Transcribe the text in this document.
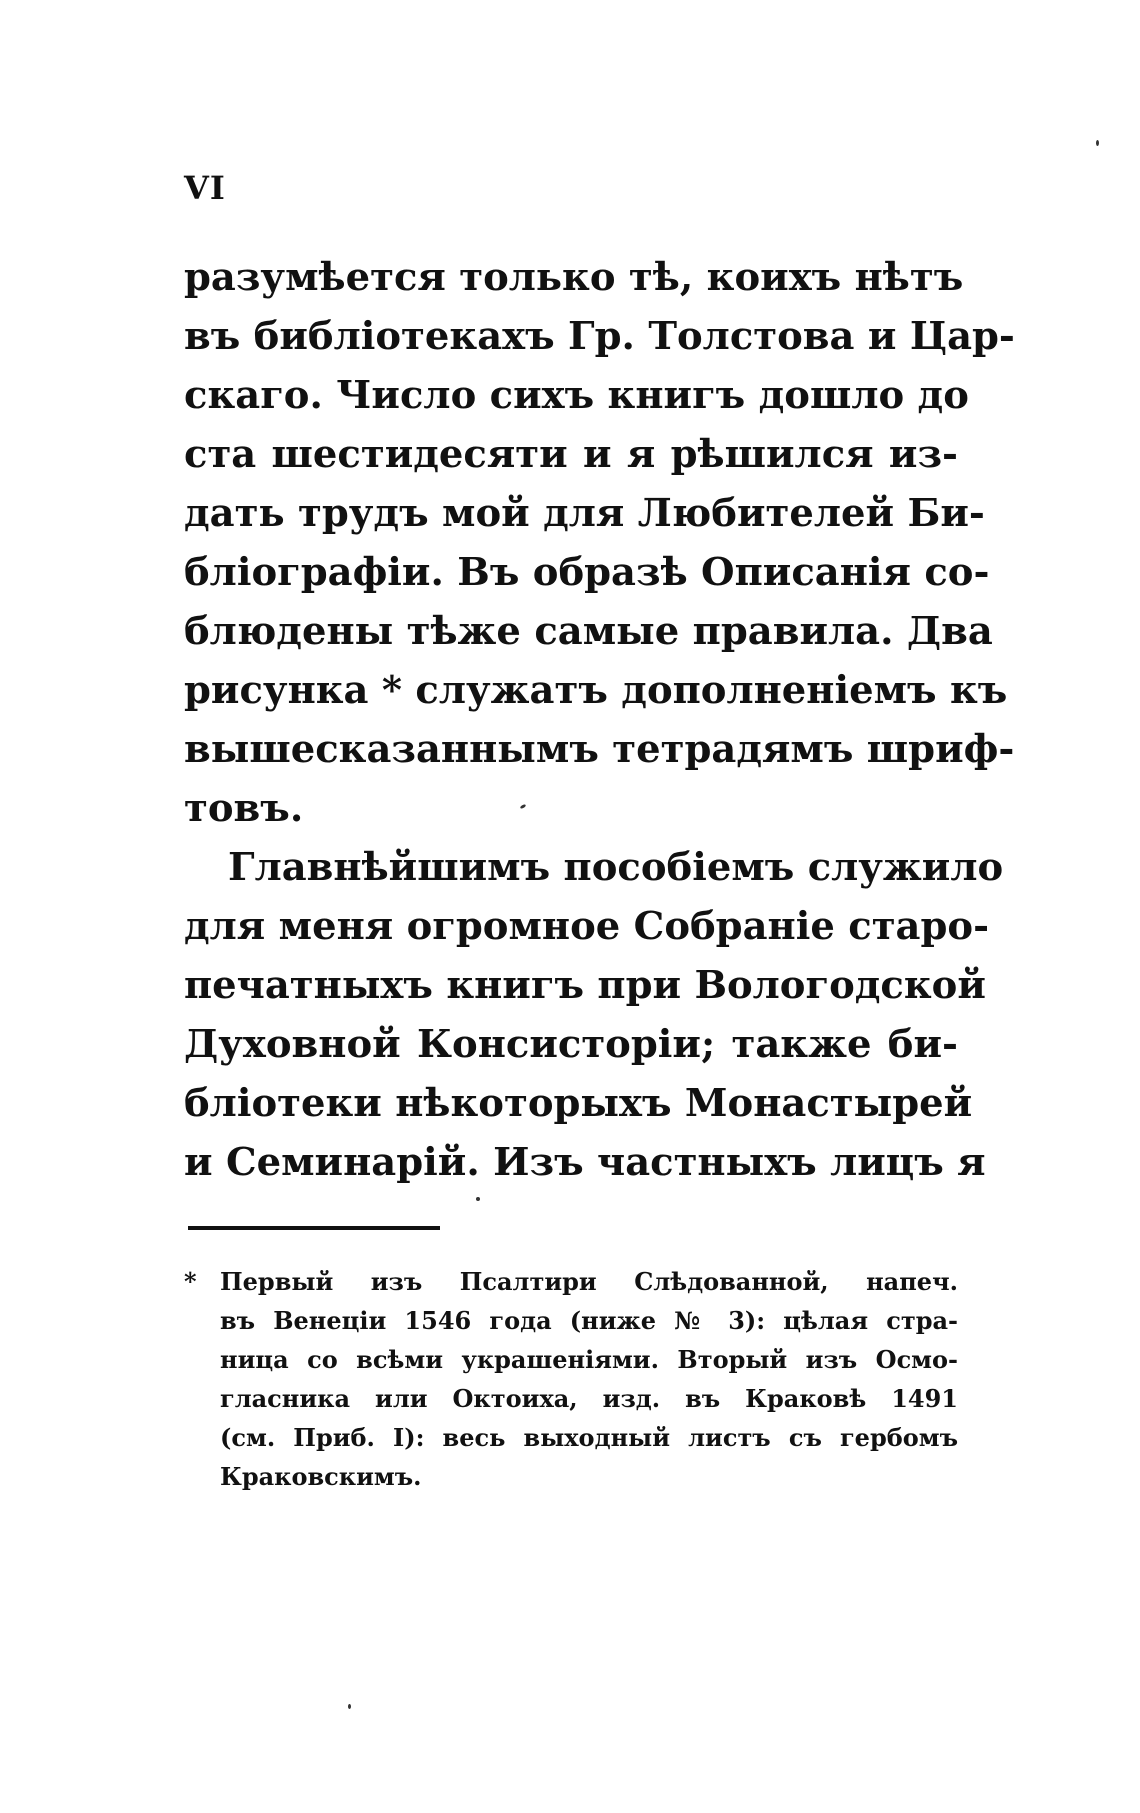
VI
разумѣется только тѣ, коихъ нѣтъ
въ библіотекахъ Гр. Толстова и Цар-
скаго. Число сихъ книгъ дошло до
ста шестидесяти и я рѣшился из-
дать трудъ мой для Любителей Би-
бліографіи. Въ образѣ Описанія со-
блюдены тѣже самые правила. Два
рисунка * служатъ дополненіемъ къ
вышесказаннымъ тетрадямъ шриф-
товъ.
Главнѣйшимъ пособіемъ служило
для меня огромное Собраніе старо-
печатныхъ книгъ при Вологодской
Духовной Консисторіи; также би-
бліотеки нѣкоторыхъ Монастырей
и Семинарій. Изъ частныхъ лицъ я
* Первый изъ Псалтири Слѣдованной, напеч.
въ Венеціи 1546 года (ниже № 3): цѣлая стра-
ница со всѣми украшеніями. Вторый изъ Осмо-
гласника или Октоиха, изд. въ Краковѣ 1491
(см. Приб. I): весь выходный листъ съ гербомъ
Краковскимъ.
